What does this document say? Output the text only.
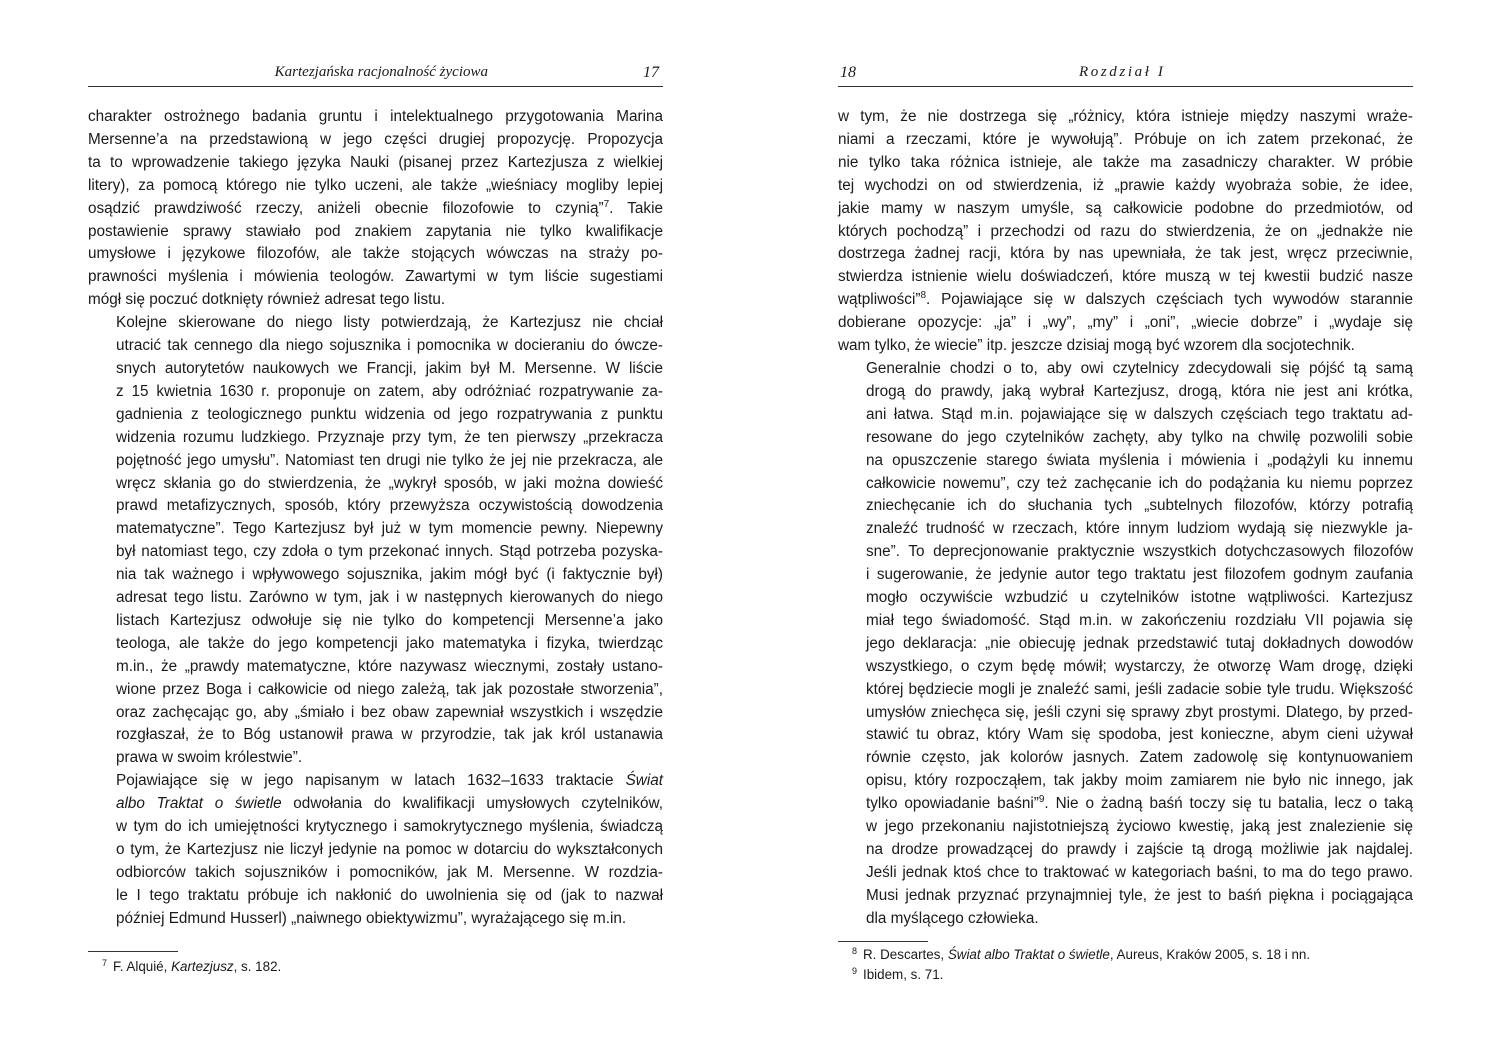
Kartezjańska racjonalność życiowa	17

charakter ostrożnego badania gruntu i intelektualnego przygotowania Marina
Mersenne’a na przedstawioną w jego części drugiej propozycję. Propozycja
ta to wprowadzenie takiego języka Nauki (pisanej przez Kartezjusza z wielkiej
litery), za pomocą którego nie tylko uczeni, ale także „wieśniacy mogliby lepiej
osądzić prawdziwość rzeczy, aniżeli obecnie filozofowie to czynią”$^7$. Takie
postawienie sprawy stawiało pod znakiem zapytania nie tylko kwalifikacje
umysłowe i językowe filozofów, ale także stojących wówczas na straży po-
prawności myślenia i mówienia teologów. Zawartymi w tym liście sugestiami
mógł się poczuć dotknięty również adresat tego listu.

Kolejne skierowane do niego listy potwierdzają, że Kartezjusz nie chciał
utracić tak cennego dla niego sojusznika i pomocnika w docieraniu do ówcze-
snych autorytetów naukowych we Francji, jakim był M. Mersenne. W liście
z 15 kwietnia 1630 r. proponuje on zatem, aby odróżniać rozpatrywanie za-
gadnienia z teologicznego punktu widzenia od jego rozpatrywania z punktu
widzenia rozumu ludzkiego. Przyznaje przy tym, że ten pierwszy „przekracza
pojętność jego umysłu”. Natomiast ten drugi nie tylko że jej nie przekracza, ale
wręcz skłania go do stwierdzenia, że „wykrył sposób, w jaki można dowieść
prawd metafizycznych, sposób, który przewyższa oczywistością dowodzenia
matematyczne”. Tego Kartezjusz był już w tym momencie pewny. Niepewny
był natomiast tego, czy zdoła o tym przekonać innych. Stąd potrzeba pozyska-
nia tak ważnego i wpływowego sojusznika, jakim mógł być (i faktycznie był)
adresat tego listu. Zarówno w tym, jak i w następnych kierowanych do niego
listach Kartezjusz odwołuje się nie tylko do kompetencji Mersenne’a jako
teologa, ale także do jego kompetencji jako matematyka i fizyka, twierdząc
m.in., że „prawdy matematyczne, które nazywasz wiecznymi, zostały ustano-
wione przez Boga i całkowicie od niego zależą, tak jak pozostałe stworzenia”,
oraz zachęcając go, aby „śmiało i bez obaw zapewniał wszystkich i wszędzie
rozgłaszał, że to Bóg ustanowił prawa w przyrodzie, tak jak król ustanawia
prawa w swoim królestwie”.

Pojawiające się w jego napisanym w latach 1632–1633 traktacie Świat
albo Traktat o świetle odwołania do kwalifikacji umysłowych czytelników,
w tym do ich umiejętności krytycznego i samokrytycznego myślenia, świadczą
o tym, że Kartezjusz nie liczył jedynie na pomoc w dotarciu do wykształconych
odbiorców takich sojuszników i pomocników, jak M. Mersenne. W rozdzia-
le I tego traktatu próbuje ich nakłonić do uwolnienia się od (jak to nazwał
później Edmund Husserl) „naiwnego obiektywizmu”, wyrażającego się m.in.

$^7$ F. Alquié, Kartezjusz, s. 182.
18	Rozdział I

w tym, że nie dostrzega się „różnicy, która istnieje między naszymi wraże-
niami a rzeczami, które je wywołują”. Próbuje on ich zatem przekonać, że
nie tylko taka różnica istnieje, ale także ma zasadniczy charakter. W próbie
tej wychodzi on od stwierdzenia, iż „prawie każdy wyobraża sobie, że idee,
jakie mamy w naszym umyśle, są całkowicie podobne do przedmiotów, od
których pochodzą” i przechodzi od razu do stwierdzenia, że on „jednakże nie
dostrzega żadnej racji, która by nas upewniała, że tak jest, wręcz przeciwnie,
stwierdza istnienie wielu doświadczeń, które muszą w tej kwestii budzić nasze
wątpliwości”$^8$. Pojawiające się w dalszych częściach tych wywodów starannie
dobierane opozycje: „ja” i „wy”, „my” i „oni”, „wiecie dobrze” i „wydaje się
wam tylko, że wiecie” itp. jeszcze dzisiaj mogą być wzorem dla socjotechnik.

Generalnie chodzi o to, aby owi czytelnicy zdecydowali się pójść tą samą
drogą do prawdy, jaką wybrał Kartezjusz, drogą, która nie jest ani krótka,
ani łatwa. Stąd m.in. pojawiające się w dalszych częściach tego traktatu ad-
resowane do jego czytelników zachęty, aby tylko na chwilę pozwolili sobie
na opuszczenie starego świata myślenia i mówienia i „podążyli ku innemu
całkowicie nowemu”, czy też zachęcanie ich do podążania ku niemu poprzez
zniechęcanie ich do słuchania tych „subtelnych filozofów, którzy potrafią
znaleźć trudność w rzeczach, które innym ludziom wydają się niezwykle ja-
sne”. To deprecjonowanie praktycznie wszystkich dotychczasowych filozofów
i sugerowanie, że jedynie autor tego traktatu jest filozofem godnym zaufania
mogło oczywiście wzbudzić u czytelników istotne wątpliwości. Kartezjusz
miał tego świadomość. Stąd m.in. w zakończeniu rozdziału VII pojawia się
jego deklaracja: „nie obiecuję jednak przedstawić tutaj dokładnych dowodów
wszystkiego, o czym będę mówił; wystarczy, że otworzę Wam drogę, dzięki
której będziecie mogli je znaleźć sami, jeśli zadacie sobie tyle trudu. Większość
umysłów zniechęca się, jeśli czyni się sprawy zbyt prostymi. Dlatego, by przed-
stawić tu obraz, który Wam się spodoba, jest konieczne, abym cieni używał
równie często, jak kolorów jasnych. Zatem zadowolę się kontynuowaniem
opisu, który rozpocząłem, tak jakby moim zamiarem nie było nic innego, jak
tylko opowiadanie baśni”$^9$. Nie o żadną baśń toczy się tu batalia, lecz o taką
w jego przekonaniu najistotniejszą życiowo kwestię, jaką jest znalezienie się
na drodze prowadzącej do prawdy i zajście tą drogą możliwie jak najdalej.
Jeśli jednak ktoś chce to traktować w kategoriach baśni, to ma do tego prawo.
Musi jednak przyznać przynajmniej tyle, że jest to baśń piękna i pociągająca
dla myślącego człowieka.

$^8$ R. Descartes, Świat albo Traktat o świetle, Aureus, Kraków 2005, s. 18 i nn.
$^9$ Ibidem, s. 71.
